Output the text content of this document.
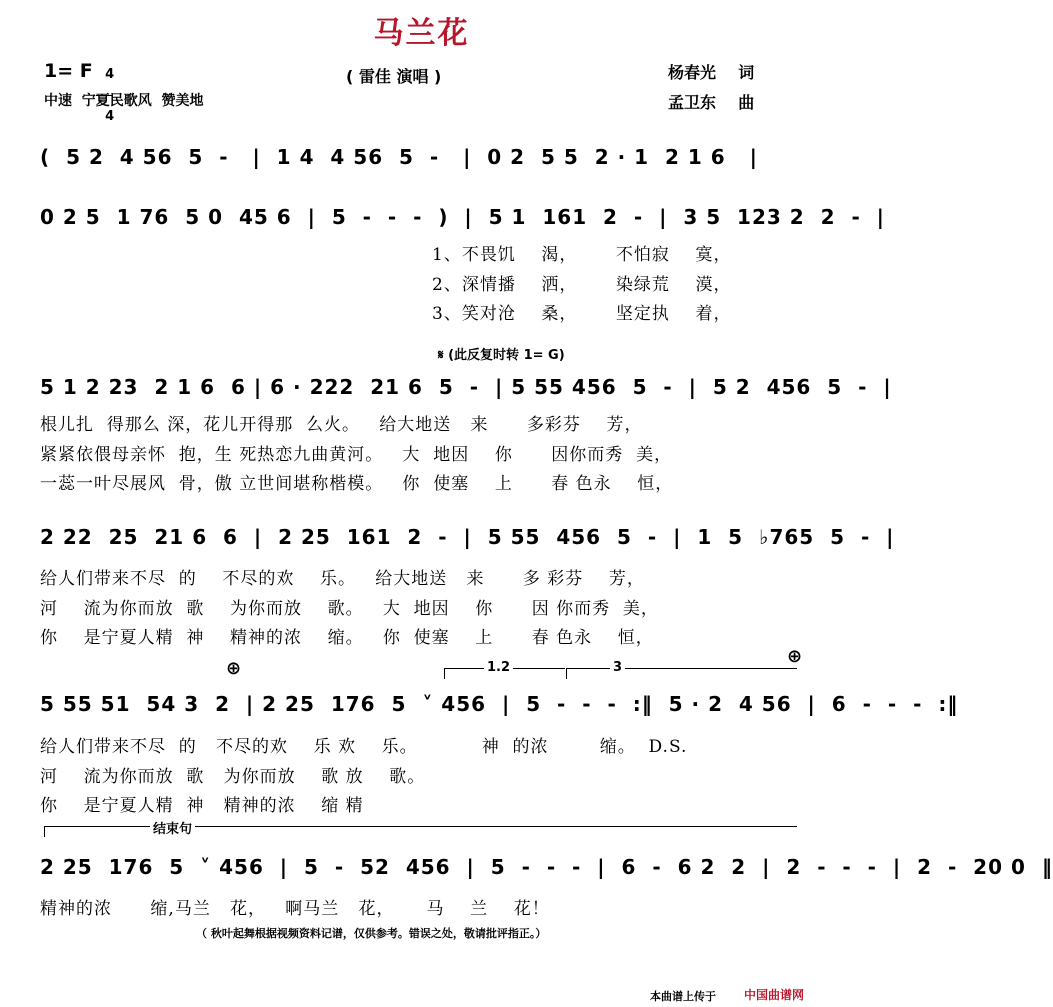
马兰花
1= F 4

4

中速  宁夏民歌风  赞美地
( 雷佳 演唱 )	杨春光    词
孟卫东    曲
(  5 2  4 56  5  -   |  1 4  4 56  5  -   |  0 2  5 5  2 · 1  2 1 6   |
0 2 5  1 76  5 0  45 6  |  5  -  -  -  )  |  5 1  161  2  -  |  3 5  123 2  2  -  |
1、不畏饥    渴，      不怕寂    寞，
2、深情播    洒，      染绿荒    漠，
3、笑对沧    桑，      坚定执    着，
𝄋 (此反复时转 1= G)
5 1 2 23  2 1 6  6 | 6 · 222  21 6  5  -  | 5 55 456  5  -  |  5 2  456  5  -  |
根儿扎  得那么 深，花儿开得那  么火。   给大地送   来      多彩芬    芳，
紧紧依偎母亲怀  抱，生 死热恋九曲黄河。   大  地因    你      因你而秀  美，
一蕊一叶尽展风  骨，傲 立世间堪称楷模。   你  使塞    上      春 色永    恒，
2 22  25  21 6  6  |  2 25  161  2  -  |  5 55  456  5  -  |  1  5  ♭765  5  -  |
给人们带来不尽  的    不尽的欢    乐。   给大地送   来      多 彩芬    芳，
河    流为你而放  歌    为你而放    歌。   大  地因    你      因 你而秀  美，
你    是宁夏人精  神    精神的浓    缩。   你  使塞    上      春 色永    恒，
⊕
⊕
1.2	3
5 55 51  54 3  2  | 2 25  176  5  ˅ 456  |  5  -  -  -  :‖  5 · 2  4 56  |  6  -  -  -  :‖
给人们带来不尽  的   不尽的欢    乐 欢    乐。          神  的浓        缩。  D.S.
河    流为你而放  歌   为你而放    歌 放    歌。
你    是宁夏人精  神   精神的浓    缩 精
结束句
2 25  176  5  ˅ 456  |  5  -  52  456  |  5  -  -  -  |  6  -  6 2  2  |  2  -  -  -  |  2  -  20 0  ‖
精神的浓      缩,马兰   花，   啊马兰   花，     马    兰    花！
（ 秋叶起舞根据视频资料记谱，仅供参考。错误之处，敬请批评指正。）
本曲谱上传于 中国曲谱网
